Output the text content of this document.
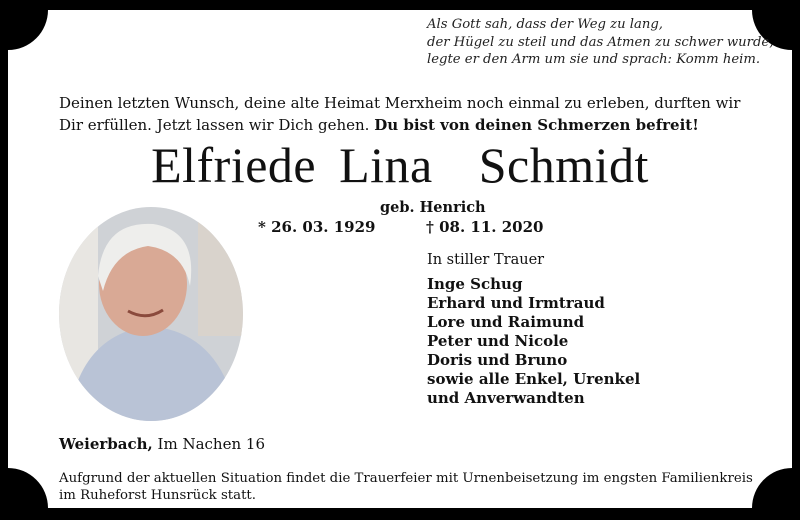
Als Gott sah, dass der Weg zu lang,
der Hügel zu steil und das Atmen zu schwer wurde,
legte er den Arm um sie und sprach: Komm heim.
Deinen letzten Wunsch, deine alte Heimat Merxheim noch einmal zu erleben, durften wir Dir erfüllen. Jetzt lassen wir Dich gehen. Du bist von deinen Schmerzen befreit!
Elfriede Lina  Schmidt
geb. Henrich
* 26. 03. 1929	† 08. 11. 2020
In stiller Trauer
Inge Schug
Erhard und Irmtraud
Lore und Raimund
Peter und Nicole
Doris und Bruno
sowie alle Enkel, Urenkel
und Anverwandten
Weierbach, Im Nachen 16
Aufgrund der aktuellen Situation findet die Trauerfeier mit Urnenbeisetzung im engsten Familienkreis im Ruheforst Hunsrück statt.
